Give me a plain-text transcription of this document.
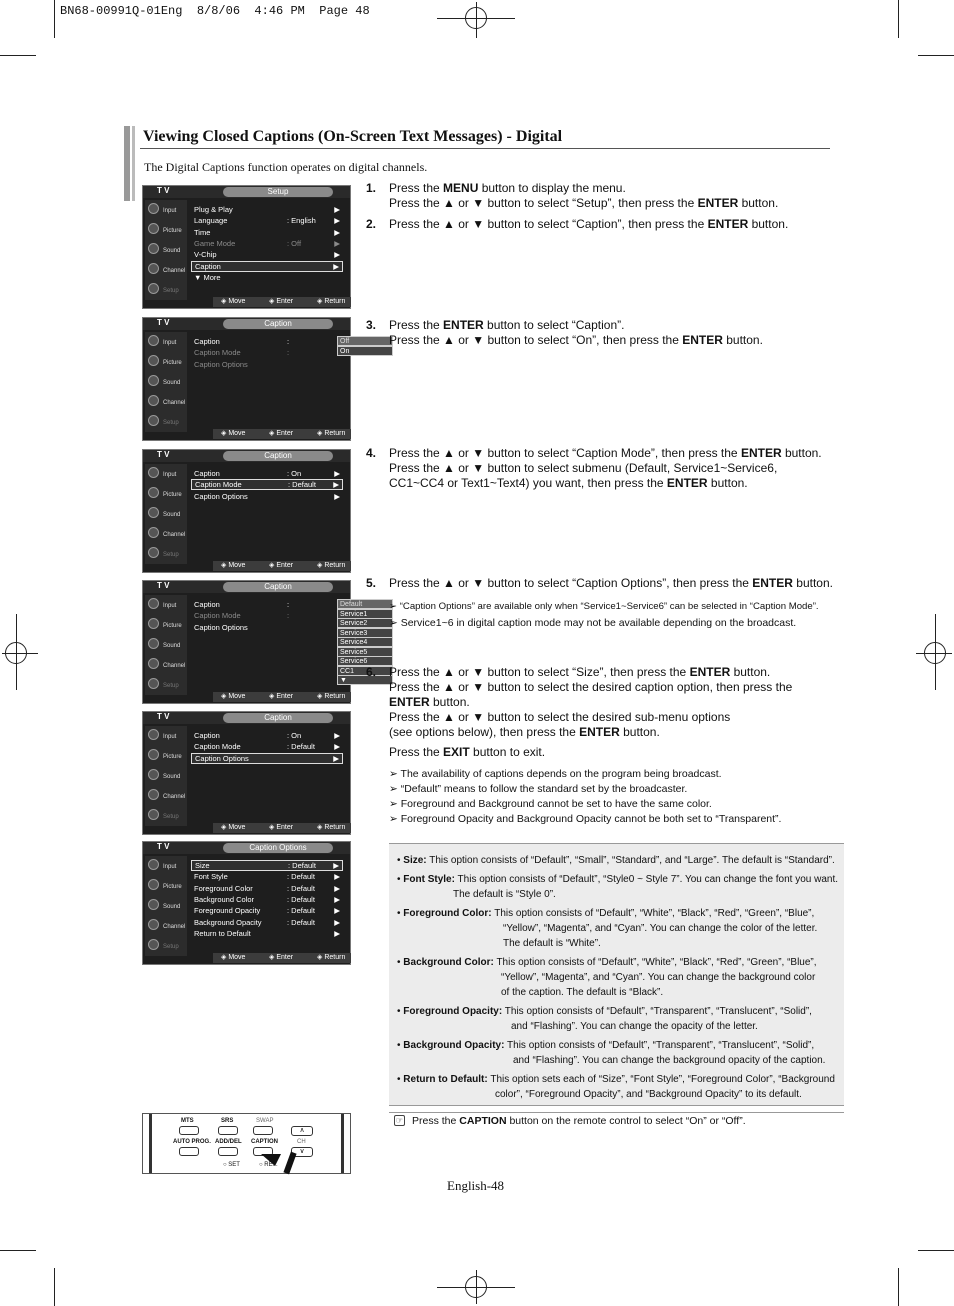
BN68-00991Q-01Eng  8/8/06  4:46 PM  Page 48
Viewing Closed Captions (On-Screen Text Messages) - Digital
The Digital Captions function operates on digital channels.
T V	Setup
Input
Picture
Sound
Channel
Setup
Plug & Play	▶
Language	: English ▶
Time	▶
Game Mode	: Off	▶
V-Chip	▶
Caption	▶
▼ More
◈ Move	◈ Enter	◈ Return
T V	Caption
Input
Picture
Sound
Channel
Setup
Caption	:
Caption Mode	:
Caption Options
Off
On
◈ Move	◈ Enter	◈ Return
T V	Caption
Input
Picture
Sound
Channel
Setup
Caption	: On	▶
Caption Mode	: Default ▶
Caption Options	▶
◈ Move	◈ Enter	◈ Return
T V	Caption
Input
Picture
Sound
Channel
Setup
Caption	:
Caption Mode	:
Caption Options
Default
Service1
Service2
Service3
Service4
Service5
Service6
CC1
▼
◈ Move	◈ Enter	◈ Return
T V	Caption
Input
Picture
Sound
Channel
Setup
Caption	: On	▶
Caption Mode	: Default	▶
Caption Options	▶
◈ Move	◈ Enter	◈ Return
T V	Caption Options
Input
Picture
Sound
Channel
Setup
Size	: Default ▶
Font Style	: Default	▶
Foreground Color	: Default	▶
Background Color	: Default	▶
Foreground Opacity	: Default	▶
Background Opacity	: Default	▶
Return to Default	▶
◈ Move	◈ Enter	◈ Return
1. Press the MENU button to display the menu.
Press the ▲ or ▼ button to select “Setup”, then press the ENTER button.
2. Press the ▲ or ▼ button to select “Caption”, then press the ENTER button.
3. Press the ENTER button to select “Caption”.
Press the ▲ or ▼ button to select “On”, then press the ENTER button.
4. Press the ▲ or ▼ button to select “Caption Mode”, then press the ENTER button.
Press the ▲ or ▼ button to select submenu (Default, Service1~Service6,
CC1~CC4 or Text1~Text4) you want, then press the ENTER button.
5. Press the ▲ or ▼ button to select “Caption Options”, then press the ENTER button.
6. Press the ▲ or ▼ button to select “Size”, then press the ENTER button.
Press the ▲ or ▼ button to select the desired caption option, then press the
ENTER button.
Press the ▲ or ▼ button to select the desired sub-menu options
(see options below), then press the ENTER button.
Press the EXIT button to exit.
➢ “Caption Options” are available only when “Service1~Service6” can be selected in “Caption Mode”.
➢ Service1~6 in digital caption mode may not be available depending on the broadcast.
➢ The availability of captions depends on the program being broadcast.
➢ “Default” means to follow the standard set by the broadcaster.
➢ Foreground and Background cannot be set to have the same color.
➢ Foreground Opacity and Background Opacity cannot be both set to “Transparent”.
• Size: This option consists of “Default”, “Small”, “Standard”, and “Large”. The default is “Standard”.
• Font Style: This option consists of “Default”, “Style0 ~ Style 7”. You can change the font you want.
The default is “Style 0”.
• Foreground Color: This option consists of “Default”, “White”, “Black”, “Red”, “Green”, “Blue”,
“Yellow”, “Magenta”, and “Cyan”. You can change the color of the letter.
The default is “White”.
• Background Color: This option consists of “Default”, “White”, “Black”, “Red”, “Green”, “Blue”,
“Yellow”, “Magenta”, and “Cyan”. You can change the background color
of the caption. The default is “Black”.
• Foreground Opacity: This option consists of “Default”, “Transparent”, “Translucent”, “Solid”,
and “Flashing”. You can change the opacity of the letter.
• Background Opacity: This option consists of “Default”, “Transparent”, “Translucent”, “Solid”,
and “Flashing”. You can change the background opacity of the caption.
• Return to Default: This option sets each of “Size”, “Font Style”, “Foreground Color”, “Background
color”, “Foreground Opacity”, and “Background Opacity” to its default.
MTS	SRS	SWAP
∧
AUTO PROG. ADD/DEL CAPTION	CH
∨
○ SET	○ RE...
☞ Press the CAPTION button on the remote control to select “On” or “Off”.
English-48
